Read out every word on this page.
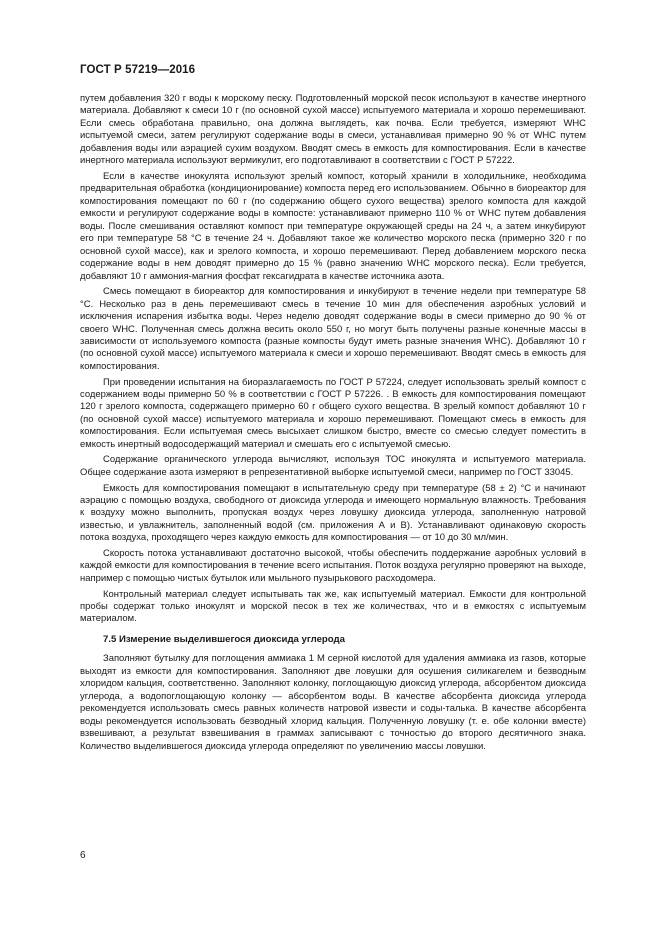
ГОСТ Р 57219—2016

путем добавления 320 г воды к морскому песку. Подготовленный морской песок используют в качестве инертного материала. Добавляют к смеси 10 г (по основной сухой массе) испытуемого материала и хорошо перемешивают. Если смесь обработана правильно, она должна выглядеть, как почва. Если требуется, измеряют WHC испытуемой смеси, затем регулируют содержание воды в смеси, устанавливая примерно 90 % от WHC путем добавления воды или аэрацией сухим воздухом. Вводят смесь в емкость для компостирования. Если в качестве инертного материала используют вермикулит, его подготавливают в соответствии с ГОСТ Р 57222.

Если в качестве инокулята используют зрелый компост, который хранили в холодильнике, необходима предварительная обработка (кондиционирование) компоста перед его использованием. Обычно в биореактор для компостирования помещают по 60 г (по содержанию общего сухого вещества) зрелого компоста для каждой емкости и регулируют содержание воды в компосте: устанавливают примерно 110 % от WHC путем добавления воды. После смешивания оставляют компост при температуре окружающей среды на 24 ч, а затем инкубируют его при температуре 58 °С в течение 24 ч. Добавляют такое же количество морского песка (примерно 320 г по основной сухой массе), как и зрелого компоста, и хорошо перемешивают. Перед добавлением морского песка содержание воды в нем доводят примерно до 15 % (равно значению WHC морского песка). Если требуется, добавляют 10 г аммония-магния фосфат гексагидрата в качестве источника азота.

Смесь помещают в биореактор для компостирования и инкубируют в течение недели при температуре 58 °С. Несколько раз в день перемешивают смесь в течение 10 мин для обеспечения аэробных условий и исключения испарения избытка воды. Через неделю доводят содержание воды в смеси примерно до 90 % от своего WHC. Полученная смесь должна весить около 550 г, но могут быть получены разные конечные массы в зависимости от используемого компоста (разные компосты будут иметь разные значения WHC). Добавляют 10 г (по основной сухой массе) испытуемого материала к смеси и хорошо перемешивают. Вводят смесь в емкость для компостирования.

При проведении испытания на биоразлагаемость по ГОСТ Р 57224, следует использовать зрелый компост с содержанием воды примерно 50 % в соответствии с ГОСТ Р 57226. . В емкость для компостирования помещают 120 г зрелого компоста, содержащего примерно 60 г общего сухого вещества. В зрелый компост добавляют 10 г (по основной сухой массе) испытуемого материала и хорошо перемешивают. Помещают смесь в емкость для компостирования. Если испытуемая смесь высыхает слишком быстро, вместе со смесью следует поместить в емкость инертный водосодержащий материал и смешать его с испытуемой смесью.

Содержание органического углерода вычисляют, используя ТОС инокулята и испытуемого материала. Общее содержание азота измеряют в репрезентативной выборке испытуемой смеси, например по ГОСТ 33045.

Емкость для компостирования помещают в испытательную среду при температуре (58 ± 2) °С и начинают аэрацию с помощью воздуха, свободного от диоксида углерода и имеющего нормальную влажность. Требования к воздуху можно выполнить, пропуская воздух через ловушку диоксида углерода, заполненную натровой известью, и увлажнитель, заполненный водой (см. приложения А и В). Устанавливают одинаковую скорость потока воздуха, проходящего через каждую емкость для компостирования — от 10 до 30 мл/мин.

Скорость потока устанавливают достаточно высокой, чтобы обеспечить поддержание аэробных условий в каждой емкости для компостирования в течение всего испытания. Поток воздуха регулярно проверяют на выходе, например с помощью чистых бутылок или мыльного пузырькового расходомера.

Контрольный материал следует испытывать так же, как испытуемый материал. Емкости для контрольной пробы содержат только инокулят и морской песок в тех же количествах, что и в емкостях с испытуемым материалом.

7.5 Измерение выделившегося диоксида углерода

Заполняют бутылку для поглощения аммиака 1 М серной кислотой для удаления аммиака из газов, которые выходят из емкости для компостирования. Заполняют две ловушки для осушения силикагелем и безводным хлоридом кальция, соответственно. Заполняют колонку, поглощающую диоксид углерода, абсорбентом диоксида углерода, а водопоглощающую колонку — абсорбентом воды. В качестве абсорбента диоксида углерода рекомендуется использовать смесь равных количеств натровой извести и соды-талька. В качестве абсорбента воды рекомендуется использовать безводный хлорид кальция. Полученную ловушку (т. е. обе колонки вместе) взвешивают, а результат взвешивания в граммах записывают с точностью до второго десятичного знака. Количество выделившегося диоксида углерода определяют по увеличению массы ловушки.

6
